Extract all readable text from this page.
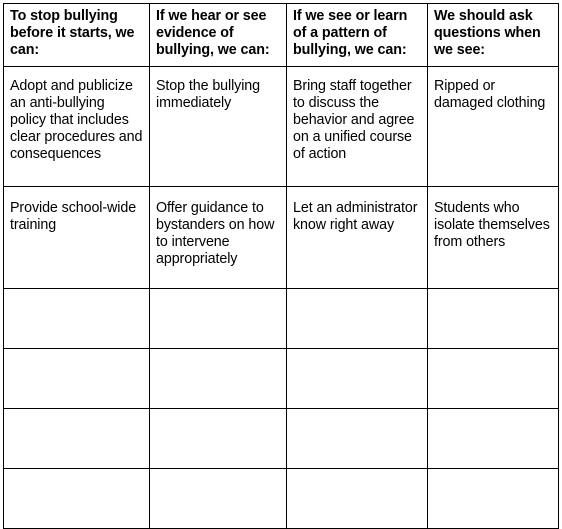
To stop bullying before it starts, we can:	If we hear or see evidence of bullying, we can:	If we see or learn of a pattern of bullying, we can:	We should ask questions when we see:
Adopt and publicize an anti-bullying policy that includes clear procedures and consequences	Stop the bullying immediately	Bring staff together to discuss the behavior and agree on a unified course of action	Ripped or damaged clothing
Provide school-wide training	Offer guidance to bystanders on how to intervene appropriately	Let an administrator know right away	Students who isolate themselves from others
